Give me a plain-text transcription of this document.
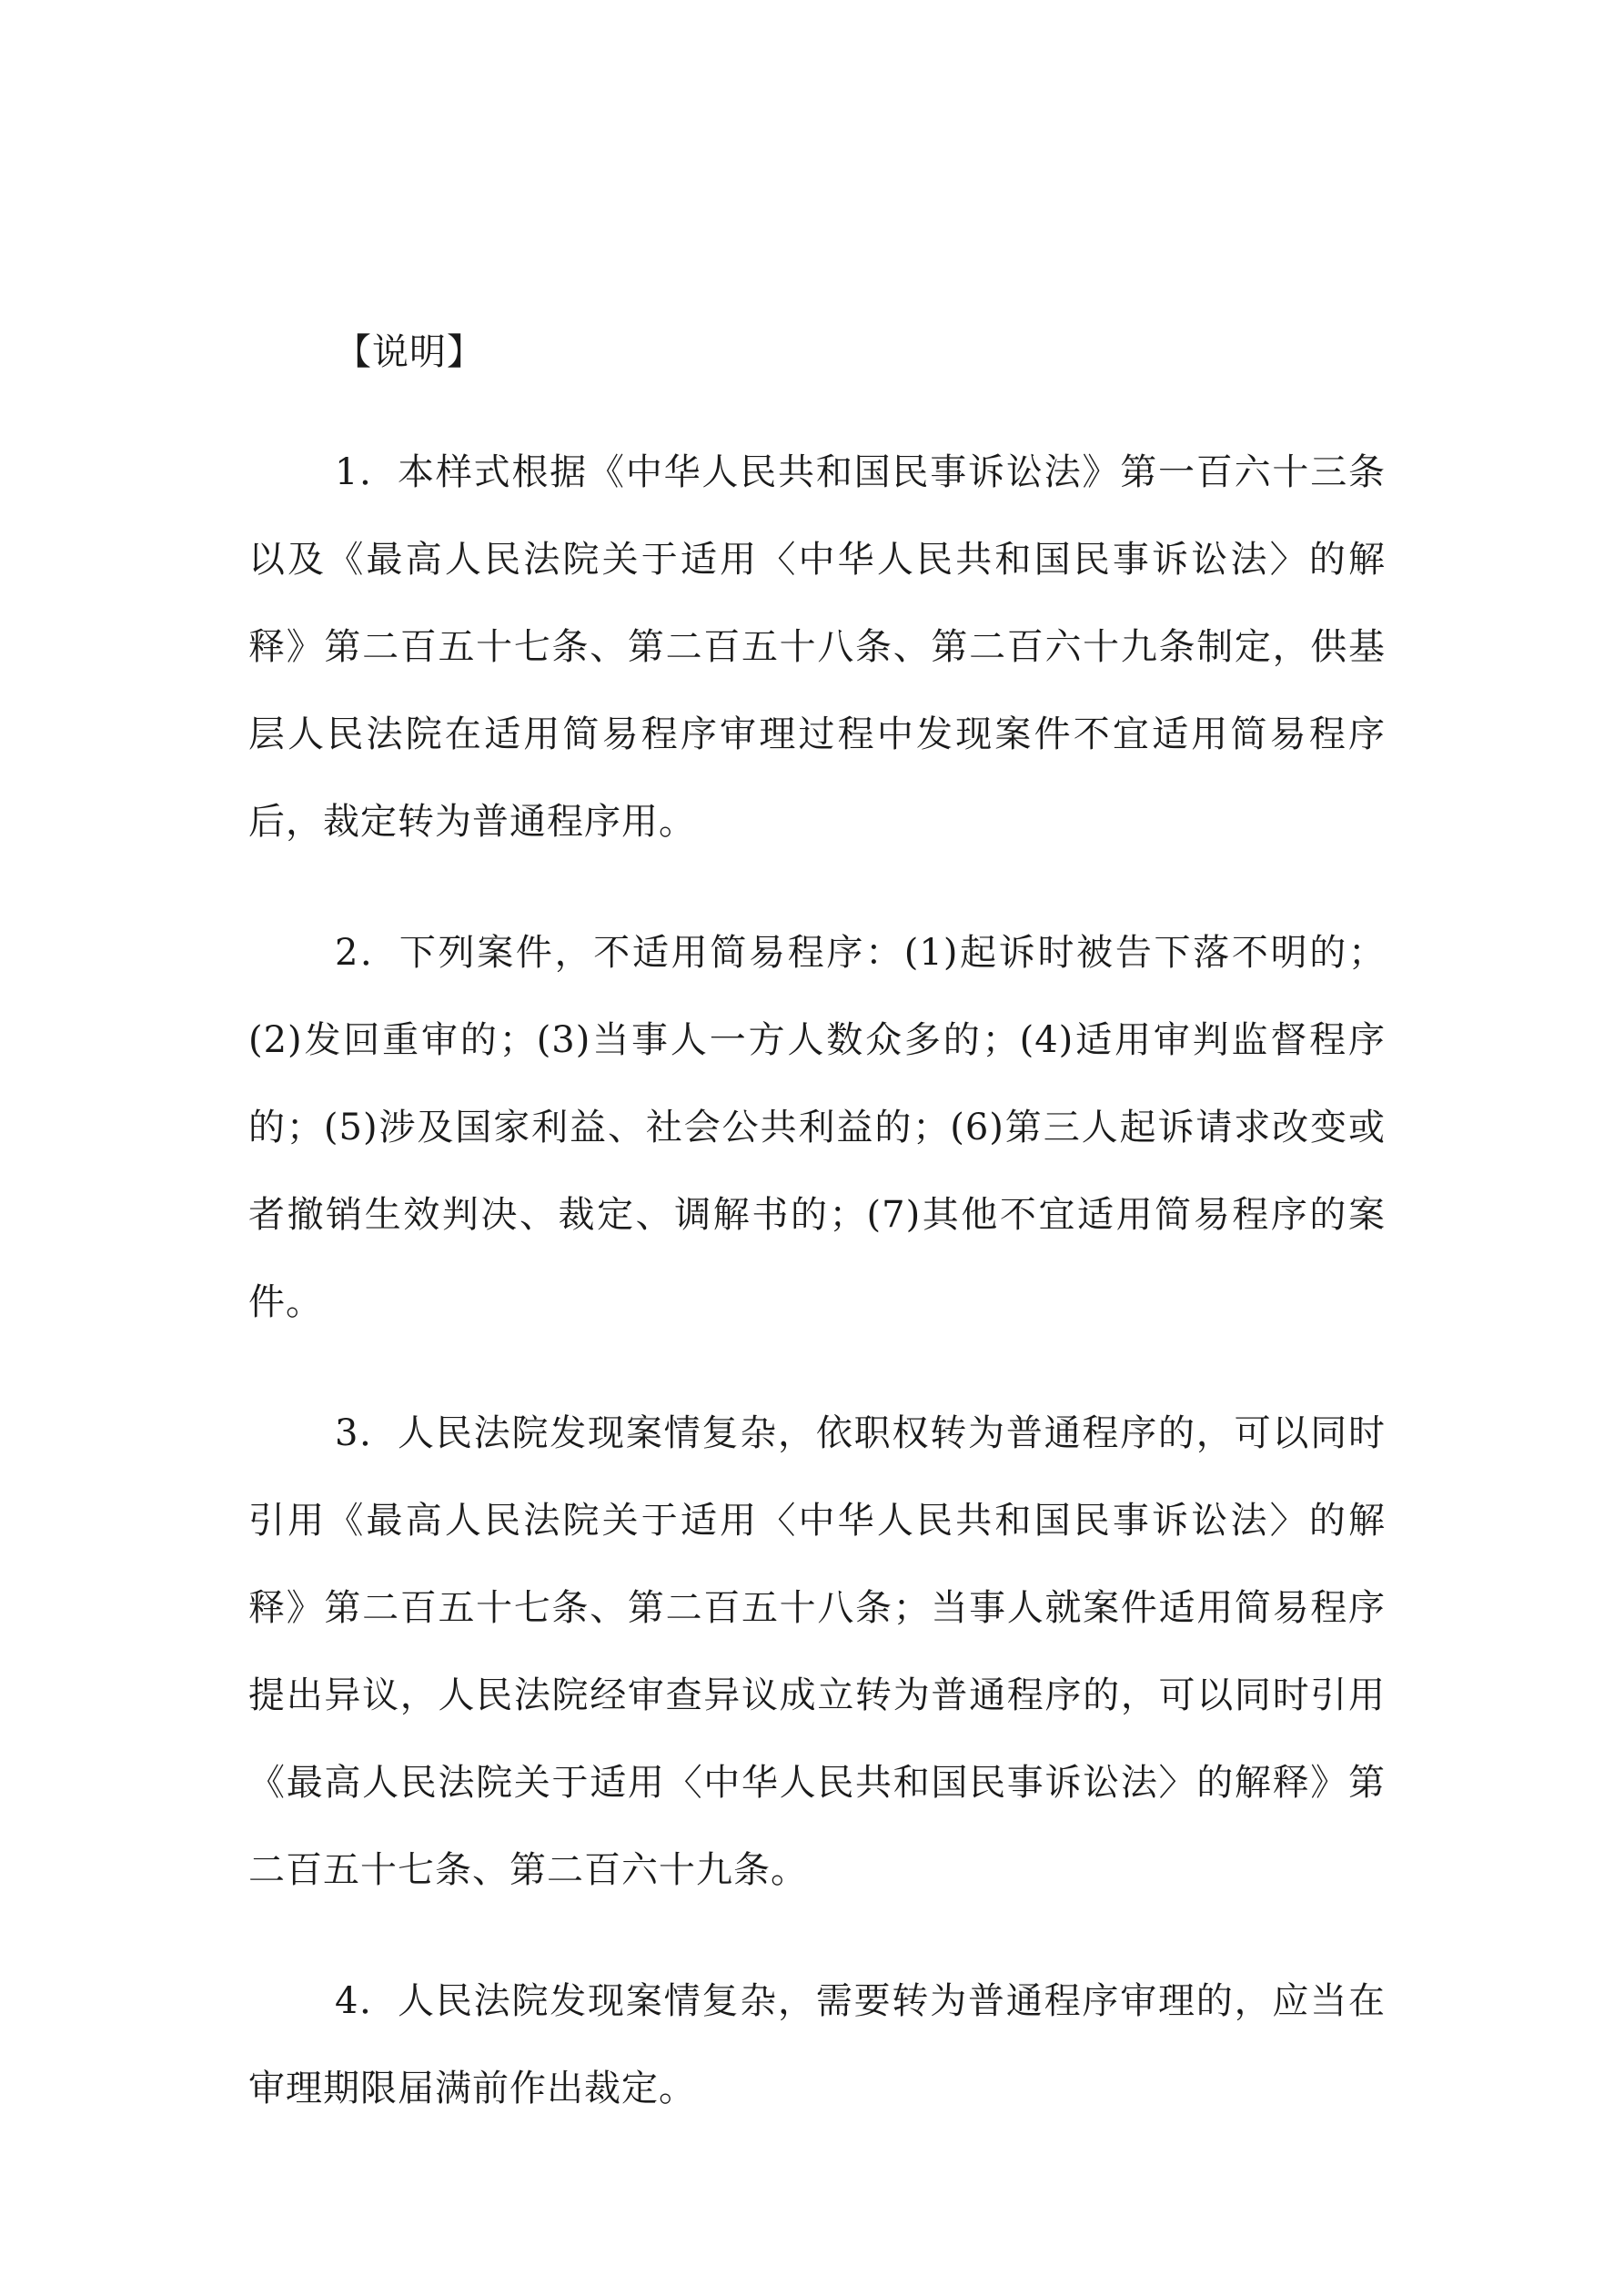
【说明】

1．本样式根据《中华人民共和国民事诉讼法》第一百六十三条以及《最高人民法院关于适用〈中华人民共和国民事诉讼法〉的解释》第二百五十七条、第二百五十八条、第二百六十九条制定，供基层人民法院在适用简易程序审理过程中发现案件不宜适用简易程序后，裁定转为普通程序用。

2．下列案件，不适用简易程序：(1)起诉时被告下落不明的；(2)发回重审的；(3)当事人一方人数众多的；(4)适用审判监督程序的；(5)涉及国家利益、社会公共利益的；(6)第三人起诉请求改变或者撤销生效判决、裁定、调解书的；(7)其他不宜适用简易程序的案件。

3．人民法院发现案情复杂，依职权转为普通程序的，可以同时引用《最高人民法院关于适用〈中华人民共和国民事诉讼法〉的解释》第二百五十七条、第二百五十八条；当事人就案件适用简易程序提出异议，人民法院经审查异议成立转为普通程序的，可以同时引用《最高人民法院关于适用〈中华人民共和国民事诉讼法〉的解释》第二百五十七条、第二百六十九条。

4．人民法院发现案情复杂，需要转为普通程序审理的，应当在审理期限届满前作出裁定。
